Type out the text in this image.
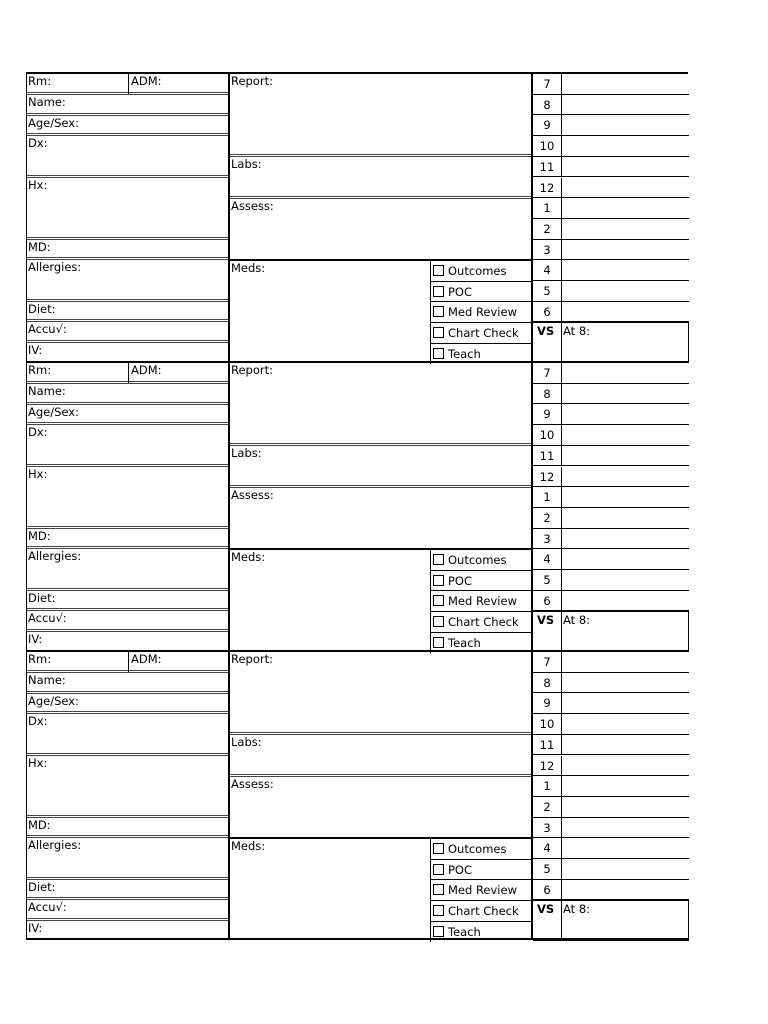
Rm:	ADM:
Name:
Age/Sex:
Dx:
Hx:
MD:
Allergies:
Diet:
Accu√:
IV:
Report:
Labs:
Assess:
Meds:	Outcomes
POC
Med Review
Chart Check
Teach
7
8
9
10
11
12
1
2
3
4
5
6
VS At 8:
Rm:	ADM:
Name:
Age/Sex:
Dx:
Hx:
MD:
Allergies:
Diet:
Accu√:
IV:
Report:
Labs:
Assess:
Meds:	Outcomes
POC
Med Review
Chart Check
Teach
7
8
9
10
11
12
1
2
3
4
5
6
VS At 8:
Rm:	ADM:
Name:
Age/Sex:
Dx:
Hx:
MD:
Allergies:
Diet:
Accu√:
IV:
Report:
Labs:
Assess:
Meds:	Outcomes
POC
Med Review
Chart Check
Teach
7
8
9
10
11
12
1
2
3
4
5
6
VS At 8:
